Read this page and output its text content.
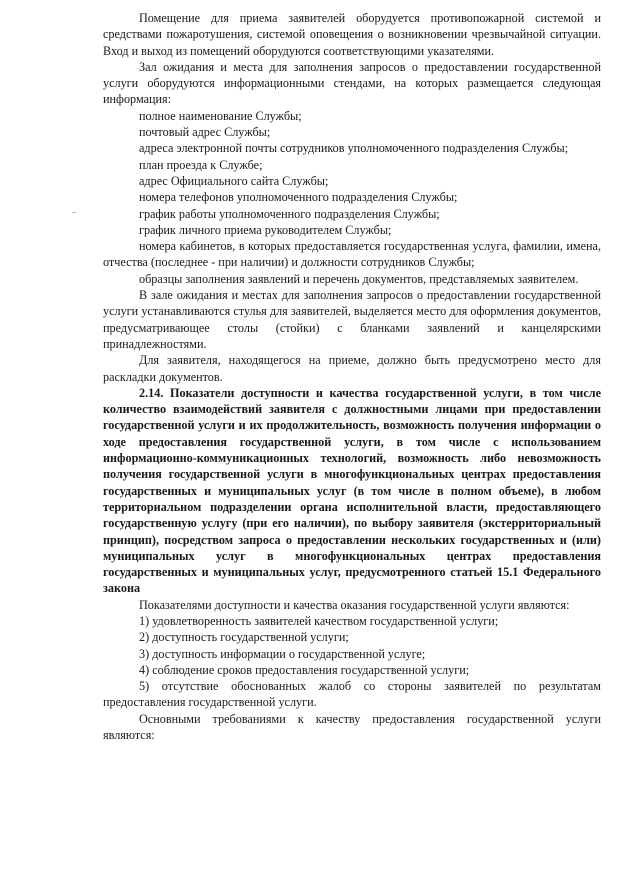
Помещение для приема заявителей оборудуется противопожарной системой и средствами пожаротушения, системой оповещения о возникновении чрезвычайной ситуации. Вход и выход из помещений оборудуются соответствующими указателями.

Зал ожидания и места для заполнения запросов о предоставлении государственной услуги оборудуются информационными стендами, на которых размещается следующая информация:

полное наименование Службы;

почтовый адрес Службы;

адреса электронной почты сотрудников уполномоченного подразделения Службы;

план проезда к Службе;

адрес Официального сайта Службы;

номера телефонов уполномоченного подразделения Службы;

график работы уполномоченного подразделения Службы;

график личного приема руководителем Службы;

номера кабинетов, в которых предоставляется государственная услуга, фамилии, имена, отчества (последнее - при наличии) и должности сотрудников Службы;

образцы заполнения заявлений и перечень документов, представляемых заявителем.

В зале ожидания и местах для заполнения запросов о предоставлении государственной услуги устанавливаются стулья для заявителей, выделяется место для оформления документов, предусматривающее столы (стойки) с бланками заявлений и канцелярскими принадлежностями.

Для заявителя, находящегося на приеме, должно быть предусмотрено место для раскладки документов.

2.14. Показатели доступности и качества государственной услуги, в том числе количество взаимодействий заявителя с должностными лицами при предоставлении государственной услуги и их продолжительность, возможность получения информации о ходе предоставления государственной услуги, в том числе с использованием информационно-коммуникационных технологий, возможность либо невозможность получения государственной услуги в многофункциональных центрах предоставления государственных и муниципальных услуг (в том числе в полном объеме), в любом территориальном подразделении органа исполнительной власти, предоставляющего государственную услугу (при его наличии), по выбору заявителя (экстерриториальный принцип), посредством запроса о предоставлении нескольких государственных и (или) муниципальных услуг в многофункциональных центрах предоставления государственных и муниципальных услуг, предусмотренного статьей 15.1 Федерального закона

Показателями доступности и качества оказания государственной услуги являются:

1) удовлетворенность заявителей качеством государственной услуги;

2) доступность государственной услуги;

3) доступность информации о государственной услуге;

4) соблюдение сроков предоставления государственной услуги;

5) отсутствие обоснованных жалоб со стороны заявителей по результатам предоставления государственной услуги.

Основными требованиями к качеству предоставления государственной услуги являются:
